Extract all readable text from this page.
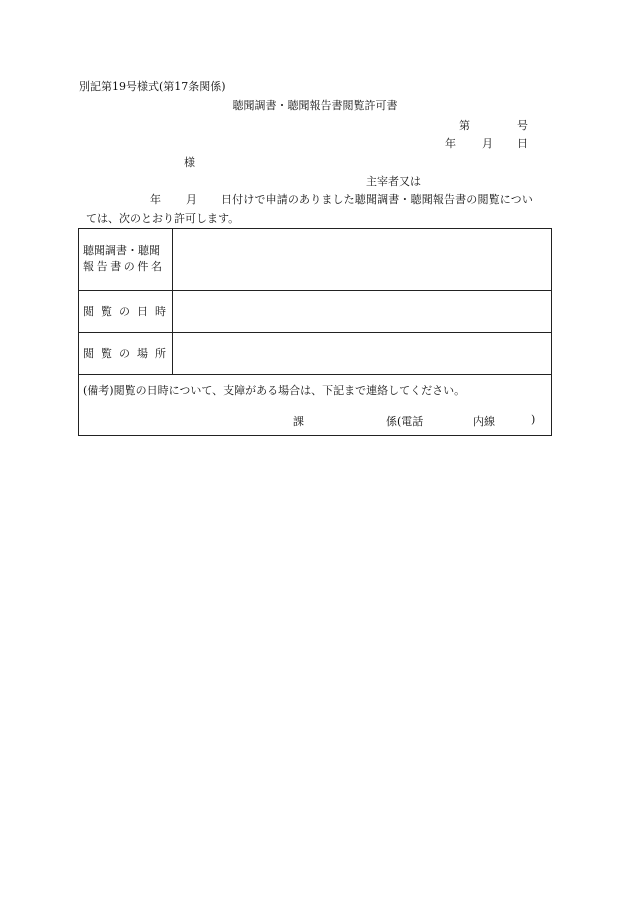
別記第19号様式(第17条関係)
聴聞調書・聴聞報告書閲覧許可書
第	号
年 月 日
様
主宰者又は
年 月 日付けで申請のありました聴聞調書・聴聞報告書の閲覧につい
ては、次のとおり許可します。
聴聞調書・聴聞
報告書の件名
閲覧の日時
閲覧の場所
(備考)閲覧の日時について、支障がある場合は、下記まで連絡してください。
課	係(電話	内線	)
